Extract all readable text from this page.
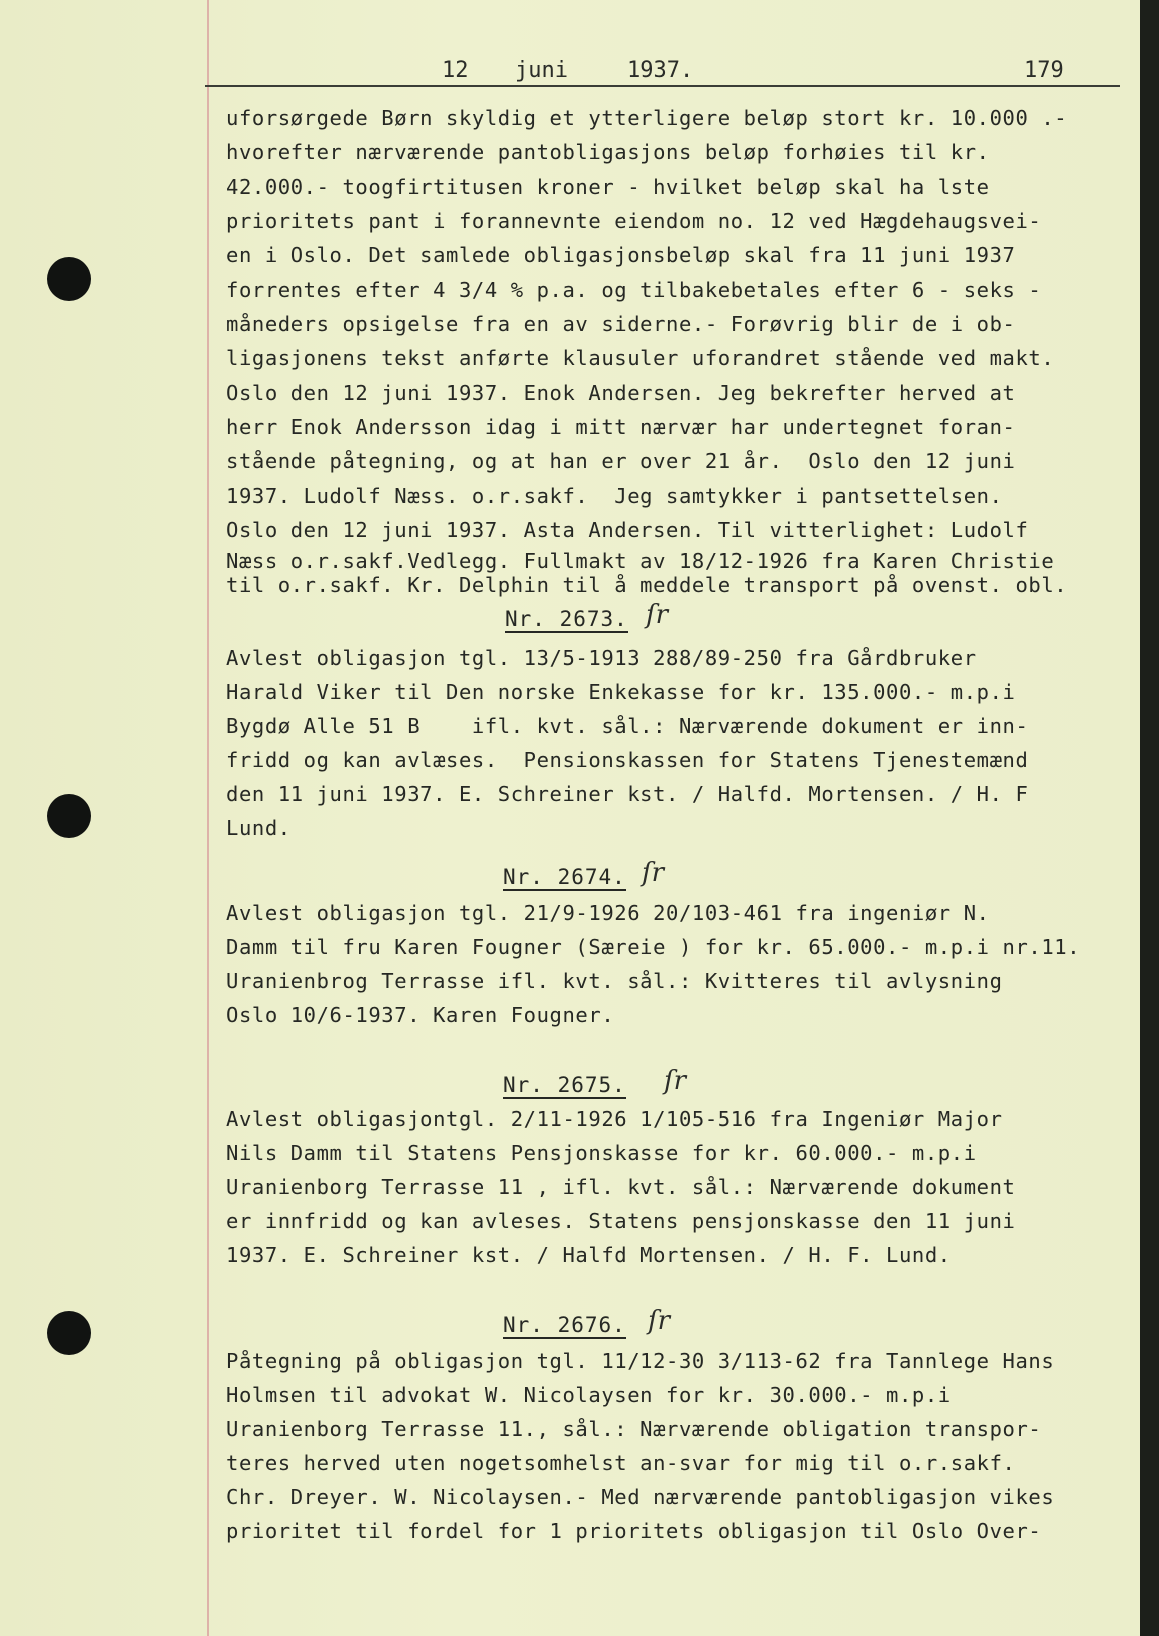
12 juni	1937.	179
uforsørgede Børn skyldig et ytterligere beløp stort kr. 10.000 .-
hvorefter nærværende pantobligasjons beløp forhøies til kr.
42.000.- toogfirtitusen kroner - hvilket beløp skal ha lste
prioritets pant i forannevnte eiendom no. 12 ved Hægdehaugsvei-
en i Oslo. Det samlede obligasjonsbeløp skal fra 11 juni 1937
forrentes efter 4 3/4 % p.a. og tilbakebetales efter 6 - seks -
måneders opsigelse fra en av siderne.- Forøvrig blir de i ob-
ligasjonens tekst anførte klausuler uforandret stående ved makt.
Oslo den 12 juni 1937. Enok Andersen. Jeg bekrefter herved at
herr Enok Andersson idag i mitt nærvær har undertegnet foran-
stående påtegning, og at han er over 21 år.  Oslo den 12 juni
1937. Ludolf Næss. o.r.sakf.  Jeg samtykker i pantsettelsen.
Oslo den 12 juni 1937. Asta Andersen. Til vitterlighet: Ludolf
Næss o.r.sakf.Vedlegg. Fullmakt av 18/12-1926 fra Karen Christie
til o.r.sakf. Kr. Delphin til å meddele transport på ovenst. obl.
Nr. 2673. ſr
Avlest obligasjon tgl. 13/5-1913 288/89-250 fra Gårdbruker
Harald Viker til Den norske Enkekasse for kr. 135.000.- m.p.i
Bygdø Alle 51 B    ifl. kvt. sål.: Nærværende dokument er inn-
fridd og kan avlæses.  Pensionskassen for Statens Tjenestemænd
den 11 juni 1937. E. Schreiner kst. / Halfd. Mortensen. / H. F
Lund.
Nr. 2674. ſr
Avlest obligasjon tgl. 21/9-1926 20/103-461 fra ingeniør N.
Damm til fru Karen Fougner (Særeie ) for kr. 65.000.- m.p.i nr.11.
Uranienbrog Terrasse ifl. kvt. sål.: Kvitteres til avlysning
Oslo 10/6-1937. Karen Fougner.
Nr. 2675. ſr
Avlest obligasjontgl. 2/11-1926 1/105-516 fra Ingeniør Major
Nils Damm til Statens Pensjonskasse for kr. 60.000.- m.p.i
Uranienborg Terrasse 11 , ifl. kvt. sål.: Nærværende dokument
er innfridd og kan avleses. Statens pensjonskasse den 11 juni
1937. E. Schreiner kst. / Halfd Mortensen. / H. F. Lund.
Nr. 2676. ſr
Påtegning på obligasjon tgl. 11/12-30 3/113-62 fra Tannlege Hans
Holmsen til advokat W. Nicolaysen for kr. 30.000.- m.p.i
Uranienborg Terrasse 11., sål.: Nærværende obligation transpor-
teres herved uten nogetsomhelst an-svar for mig til o.r.sakf.
Chr. Dreyer. W. Nicolaysen.- Med nærværende pantobligasjon vikes
prioritet til fordel for 1 prioritets obligasjon til Oslo Over-
